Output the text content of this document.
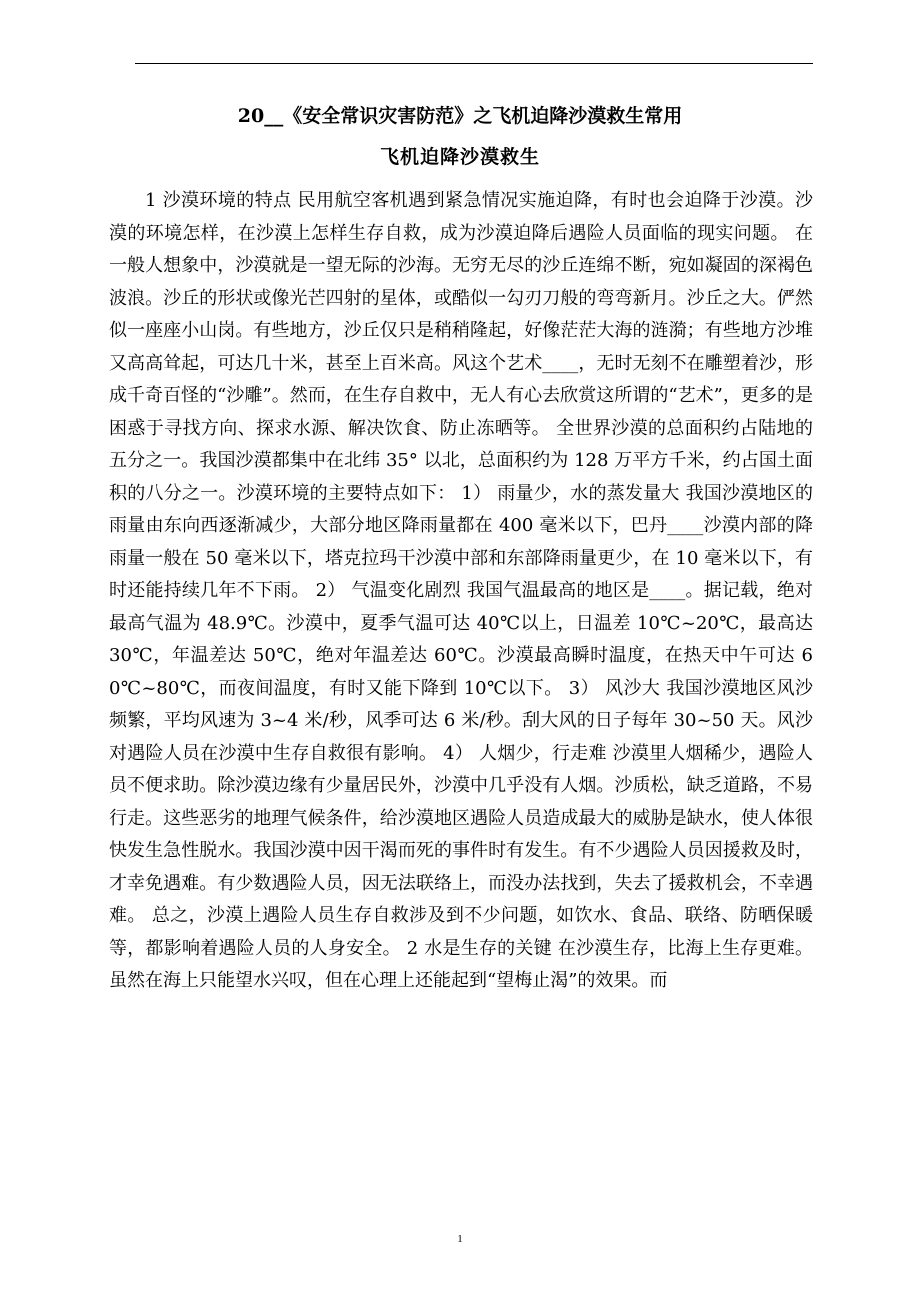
20__《安全常识灾害防范》之飞机迫降沙漠救生常用
飞机迫降沙漠救生

1 沙漠环境的特点 民用航空客机遇到紧急情况实施迫降，有时也会迫降于沙漠。沙漠的环境怎样，在沙漠上怎样生存自救，成为沙漠迫降后遇险人员面临的现实问题。 在一般人想象中，沙漠就是一望无际的沙海。无穷无尽的沙丘连绵不断，宛如凝固的深褐色波浪。沙丘的形状或像光芒四射的星体，或酷似一勾刃刀般的弯弯新月。沙丘之大。俨然似一座座小山岗。有些地方，沙丘仅只是稍稍隆起，好像茫茫大海的涟漪；有些地方沙堆又高高耸起，可达几十米，甚至上百米高。风这个艺术____，无时无刻不在雕塑着沙，形成千奇百怪的“沙雕”。然而，在生存自救中，无人有心去欣赏这所谓的“艺术”，更多的是困惑于寻找方向、探求水源、解决饮食、防止冻晒等。 全世界沙漠的总面积约占陆地的五分之一。我国沙漠都集中在北纬 35° 以北，总面积约为 128 万平方千米，约占国土面积的八分之一。沙漠环境的主要特点如下： 1） 雨量少，水的蒸发量大 我国沙漠地区的雨量由东向西逐渐减少，大部分地区降雨量都在 400 毫米以下，巴丹____沙漠内部的降雨量一般在 50 毫米以下，塔克拉玛干沙漠中部和东部降雨量更少，在 10 毫米以下，有时还能持续几年不下雨。 2） 气温变化剧烈 我国气温最高的地区是____。据记载，绝对最高气温为 48.9℃。沙漠中，夏季气温可达 40℃以上，日温差 10℃~20℃，最高达 30℃，年温差达 50℃，绝对年温差达 60℃。沙漠最高瞬时温度，在热天中午可达 60℃~80℃，而夜间温度，有时又能下降到 10℃以下。 3） 风沙大 我国沙漠地区风沙频繁，平均风速为 3~4 米/秒，风季可达 6 米/秒。刮大风的日子每年 30~50 天。风沙对遇险人员在沙漠中生存自救很有影响。 4） 人烟少，行走难 沙漠里人烟稀少，遇险人员不便求助。除沙漠边缘有少量居民外，沙漠中几乎没有人烟。沙质松，缺乏道路，不易行走。这些恶劣的地理气候条件，给沙漠地区遇险人员造成最大的威胁是缺水，使人体很快发生急性脱水。我国沙漠中因干渴而死的事件时有发生。有不少遇险人员因援救及时，才幸免遇难。有少数遇险人员，因无法联络上，而没办法找到，失去了援救机会，不幸遇难。 总之，沙漠上遇险人员生存自救涉及到不少问题，如饮水、食品、联络、防晒保暖等，都影响着遇险人员的人身安全。 2 水是生存的关键 在沙漠生存，比海上生存更难。虽然在海上只能望水兴叹，但在心理上还能起到“望梅止渴”的效果。而

1
